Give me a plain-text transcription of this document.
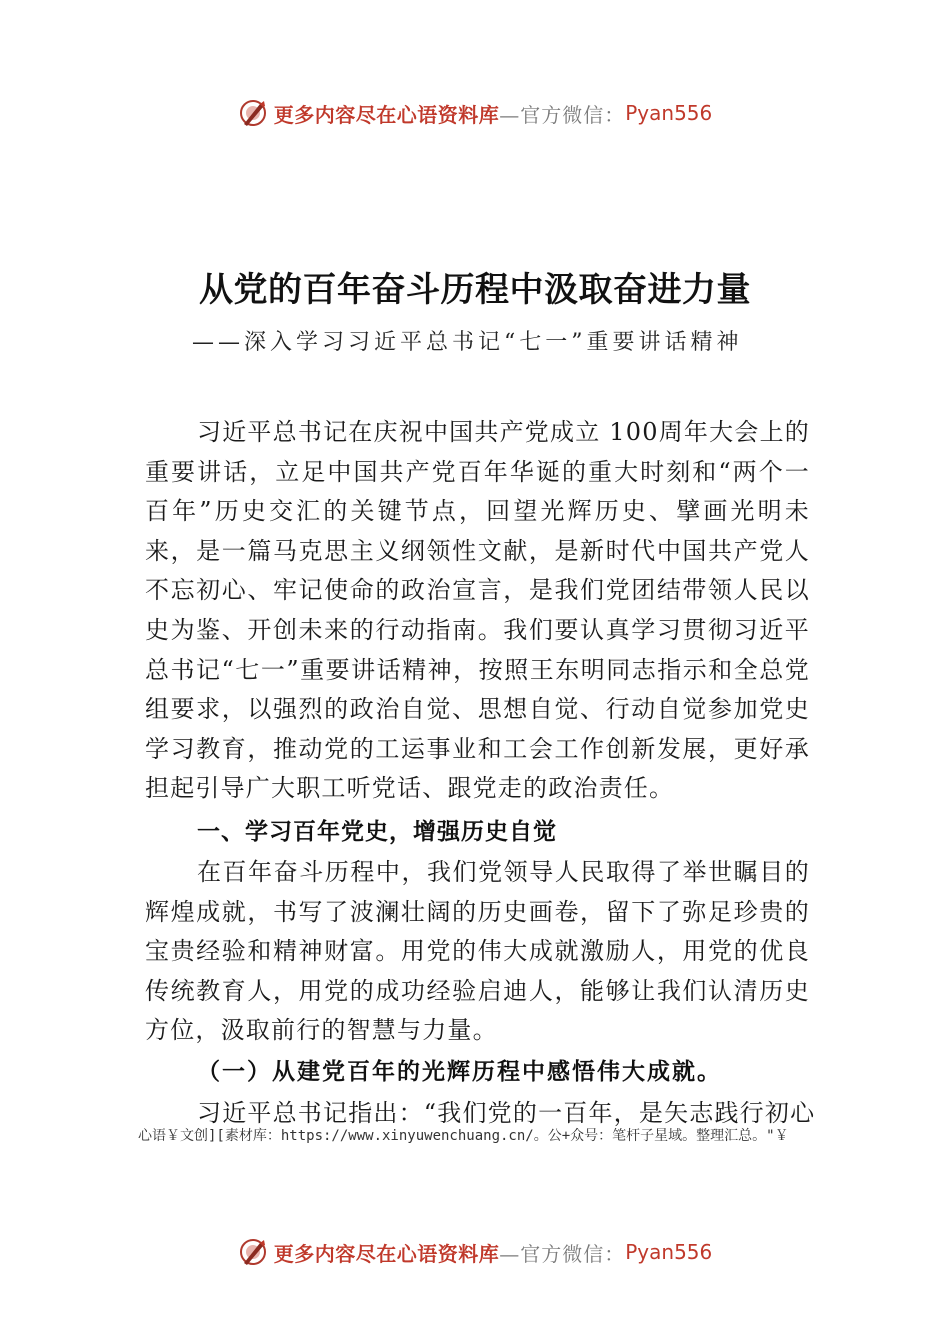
更多内容尽在心语资料库 —官方微信： Pyan556
从党的百年奋斗历程中汲取奋进力量
——深入学习习近平总书记“七一”重要讲话精神

习近平总书记在庆祝中国共产党成立 100周年大会上的重要讲话，立足中国共产党百年华诞的重大时刻和“两个一百年”历史交汇的关键节点，回望光辉历史、擘画光明未来，是一篇马克思主义纲领性文献，是新时代中国共产党人不忘初心、牢记使命的政治宣言，是我们党团结带领人民以史为鉴、开创未来的行动指南。我们要认真学习贯彻习近平总书记“七一”重要讲话精神，按照王东明同志指示和全总党组要求，以强烈的政治自觉、思想自觉、行动自觉参加党史学习教育，推动党的工运事业和工会工作创新发展，更好承担起引导广大职工听党话、跟党走的政治责任。

一、学习百年党史，增强历史自觉

在百年奋斗历程中，我们党领导人民取得了举世瞩目的辉煌成就，书写了波澜壮阔的历史画卷，留下了弥足珍贵的宝贵经验和精神财富。用党的伟大成就激励人，用党的优良传统教育人，用党的成功经验启迪人，能够让我们认清历史方位，汲取前行的智慧与力量。

（一）从建党百年的光辉历程中感悟伟大成就。
习近平总书记指出：“我们党的一百年，是矢志践行初心
心语￥文创][素材库：https://www.xinyuwenchuang.cn/。公+众号：笔杆子星域。整理汇总。"￥
更多内容尽在心语资料库 —官方微信： Pyan556
